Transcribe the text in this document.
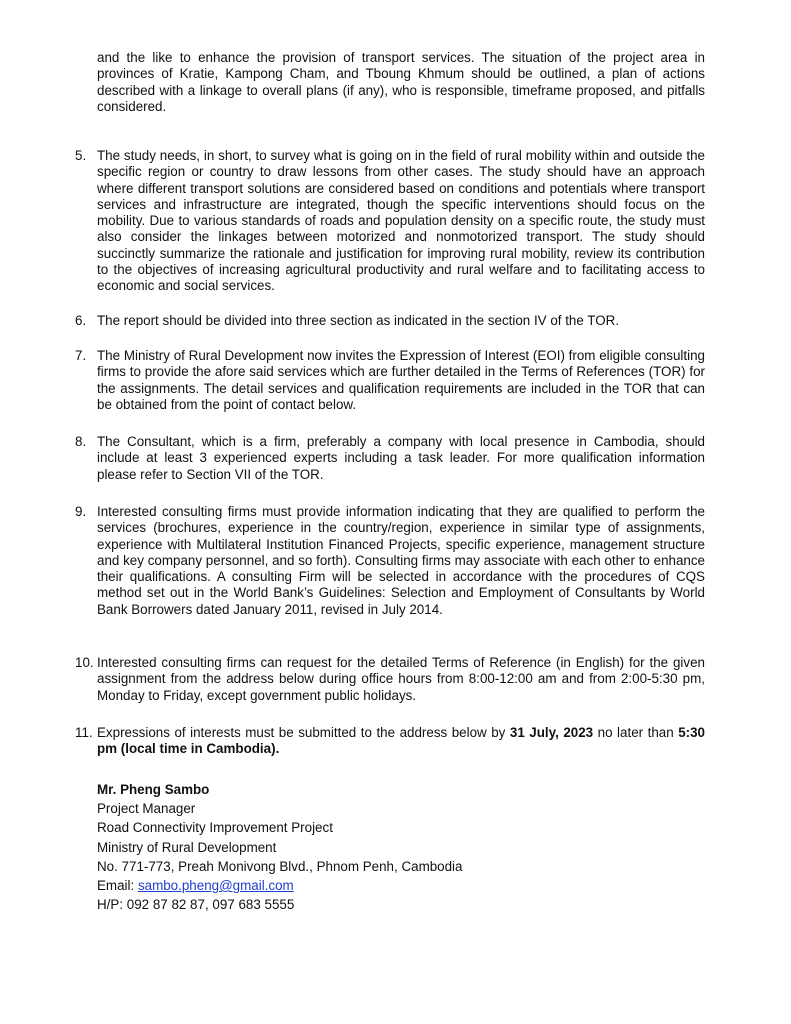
and the like to enhance the provision of transport services. The situation of the project area in provinces of Kratie, Kampong Cham, and Tboung Khmum should be outlined, a plan of actions described with a linkage to overall plans (if any), who is responsible, timeframe proposed, and pitfalls considered.

5. The study needs, in short, to survey what is going on in the field of rural mobility within and outside the specific region or country to draw lessons from other cases. The study should have an approach where different transport solutions are considered based on conditions and potentials where transport services and infrastructure are integrated, though the specific interventions should focus on the mobility. Due to various standards of roads and population density on a specific route, the study must also consider the linkages between motorized and nonmotorized transport. The study should succinctly summarize the rationale and justification for improving rural mobility, review its contribution to the objectives of increasing agricultural productivity and rural welfare and to facilitating access to economic and social services.

6. The report should be divided into three section as indicated in the section IV of the TOR.

7. The Ministry of Rural Development now invites the Expression of Interest (EOI) from eligible consulting firms to provide the afore said services which are further detailed in the Terms of References (TOR) for the assignments. The detail services and qualification requirements are included in the TOR that can be obtained from the point of contact below.

8. The Consultant, which is a firm, preferably a company with local presence in Cambodia, should include at least 3 experienced experts including a task leader. For more qualification information please refer to Section VII of the TOR.

9. Interested consulting firms must provide information indicating that they are qualified to perform the services (brochures, experience in the country/region, experience in similar type of assignments, experience with Multilateral Institution Financed Projects, specific experience, management structure and key company personnel, and so forth). Consulting firms may associate with each other to enhance their qualifications. A consulting Firm will be selected in accordance with the procedures of CQS method set out in the World Bank’s Guidelines: Selection and Employment of Consultants by World Bank Borrowers dated January 2011, revised in July 2014.

10. Interested consulting firms can request for the detailed Terms of Reference (in English) for the given assignment from the address below during office hours from 8:00-12:00 am and from 2:00-5:30 pm, Monday to Friday, except government public holidays.

11. Expressions of interests must be submitted to the address below by 31 July, 2023 no later than 5:30 pm (local time in Cambodia).

Mr. Pheng Sambo
Project Manager
Road Connectivity Improvement Project
Ministry of Rural Development
No. 771-773, Preah Monivong Blvd., Phnom Penh, Cambodia
Email: sambo.pheng@gmail.com
H/P: 092 87 82 87, 097 683 5555
